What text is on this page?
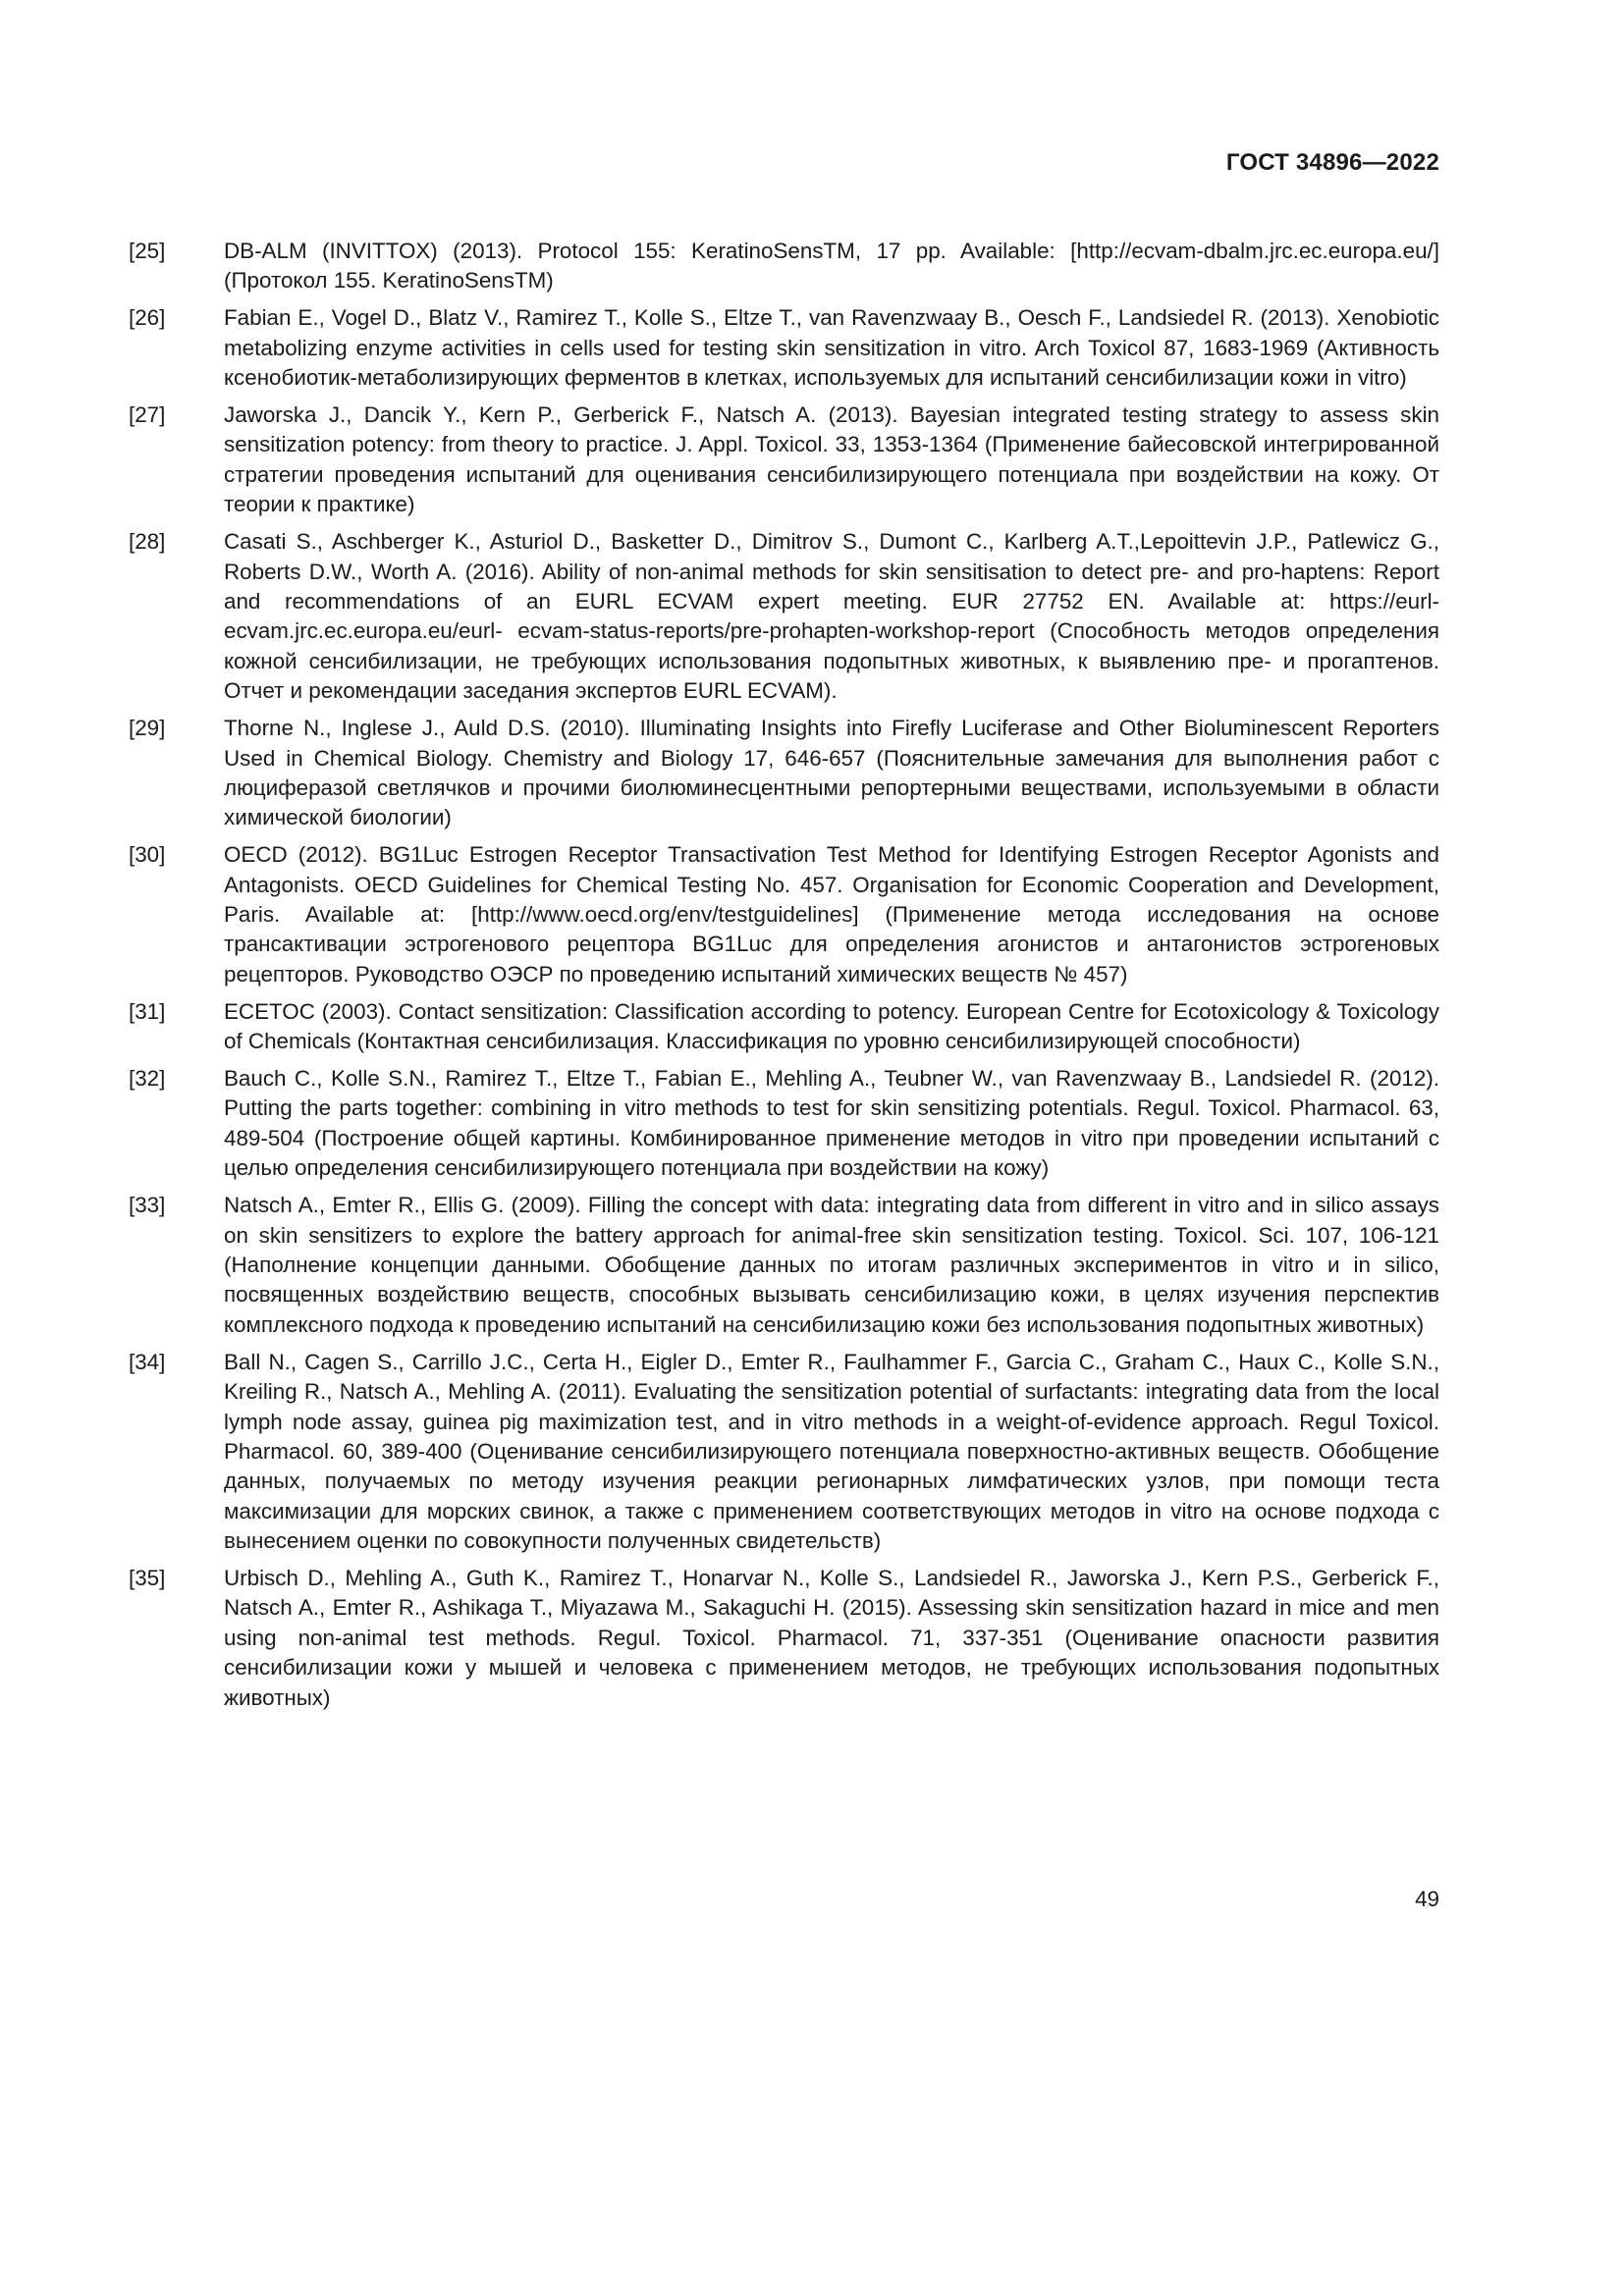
ГОСТ 34896—2022
[25]	DB-ALM (INVITTOX) (2013). Protocol 155: KeratinoSensTM, 17 pp. Available: [http://ecvam-dbalm.jrc.ec.europa.eu/] (Протокол 155. KeratinoSensTM)
[26]	Fabian E., Vogel D., Blatz V., Ramirez T., Kolle S., Eltze T., van Ravenzwaay B., Oesch F., Landsiedel R. (2013). Xenobiotic metabolizing enzyme activities in cells used for testing skin sensitization in vitro. Arch Toxicol 87, 1683-1969 (Активность ксенобиотик-метаболизирующих ферментов в клетках, используемых для испытаний сенсибилизации кожи in vitro)
[27]	Jaworska J., Dancik Y., Kern P., Gerberick F., Natsch A. (2013). Bayesian integrated testing strategy to assess skin sensitization potency: from theory to practice. J. Appl. Toxicol. 33, 1353-1364 (Применение байесовской интегрированной стратегии проведения испытаний для оценивания сенсибилизирующего потенциала при воздействии на кожу. От теории к практике)
[28]	Casati S., Aschberger K., Asturiol D., Basketter D., Dimitrov S., Dumont C., Karlberg A.T.,Lepoittevin J.P., Patlewicz G., Roberts D.W., Worth A. (2016). Ability of non-animal methods for skin sensitisation to detect pre- and pro-haptens: Report and recommendations of an EURL ECVAM expert meeting. EUR 27752 EN. Available at: https://eurl-ecvam.jrc.ec.europa.eu/eurl- ecvam-status-reports/pre-prohapten-workshop-report (Способность методов определения кожной сенсибилизации, не требующих использования подопытных животных, к выявлению пре- и прогаптенов. Отчет и рекомендации заседания экспертов EURL ECVAM).
[29]	Thorne N., Inglese J., Auld D.S. (2010). Illuminating Insights into Firefly Luciferase and Other Bioluminescent Reporters Used in Chemical Biology. Chemistry and Biology 17, 646-657 (Пояснительные замечания для выполнения работ с люциферазой светлячков и прочими биолюминесцентными репортерными веществами, используемыми в области химической биологии)
[30]	OECD (2012). BG1Luc Estrogen Receptor Transactivation Test Method for Identifying Estrogen Receptor Agonists and Antagonists. OECD Guidelines for Chemical Testing No. 457. Organisation for Economic Cooperation and Development, Paris. Available at: [http://www.oecd.org/env/testguidelines] (Применение метода исследования на основе трансактивации эстрогенового рецептора BG1Luc для определения агонистов и антагонистов эстрогеновых рецепторов. Руководство ОЭСР по проведению испытаний химических веществ № 457)
[31]	ECETOC (2003). Contact sensitization: Classification according to potency. European Centre for Ecotoxicology & Toxicology of Chemicals (Контактная сенсибилизация. Классификация по уровню сенсибилизирующей способности)
[32]	Bauch C., Kolle S.N., Ramirez T., Eltze T., Fabian E., Mehling A., Teubner W., van Ravenzwaay B., Landsiedel R. (2012). Putting the parts together: combining in vitro methods to test for skin sensitizing potentials. Regul. Toxicol. Pharmacol. 63, 489-504 (Построение общей картины. Комбинированное применение методов in vitro при проведении испытаний с целью определения сенсибилизирующего потенциала при воздействии на кожу)
[33]	Natsch A., Emter R., Ellis G. (2009). Filling the concept with data: integrating data from different in vitro and in silico assays on skin sensitizers to explore the battery approach for animal-free skin sensitization testing. Toxicol. Sci. 107, 106-121 (Наполнение концепции данными. Обобщение данных по итогам различных экспериментов in vitro и in silico, посвященных воздействию веществ, способных вызывать сенсибилизацию кожи, в целях изучения перспектив комплексного подхода к проведению испытаний на сенсибилизацию кожи без использования подопытных животных)
[34]	Ball N., Cagen S., Carrillo J.C., Certa H., Eigler D., Emter R., Faulhammer F., Garcia C., Graham C., Haux C., Kolle S.N., Kreiling R., Natsch A., Mehling A. (2011). Evaluating the sensitization potential of surfactants: integrating data from the local lymph node assay, guinea pig maximization test, and in vitro methods in a weight-of-evidence approach. Regul Toxicol. Pharmacol. 60, 389-400 (Оценивание сенсибилизирующего потенциала поверхностно-активных веществ. Обобщение данных, получаемых по методу изучения реакции регионарных лимфатических узлов, при помощи теста максимизации для морских свинок, а также с применением соответствующих методов in vitro на основе подхода с вынесением оценки по совокупности полученных свидетельств)
[35]	Urbisch D., Mehling A., Guth K., Ramirez T., Honarvar N., Kolle S., Landsiedel R., Jaworska J., Kern P.S., Gerberick F., Natsch A., Emter R., Ashikaga T., Miyazawa M., Sakaguchi H. (2015). Assessing skin sensitization hazard in mice and men using non-animal test methods. Regul. Toxicol. Pharmacol. 71, 337-351 (Оценивание опасности развития сенсибилизации кожи у мышей и человека с применением методов, не требующих использования подопытных животных)
49
